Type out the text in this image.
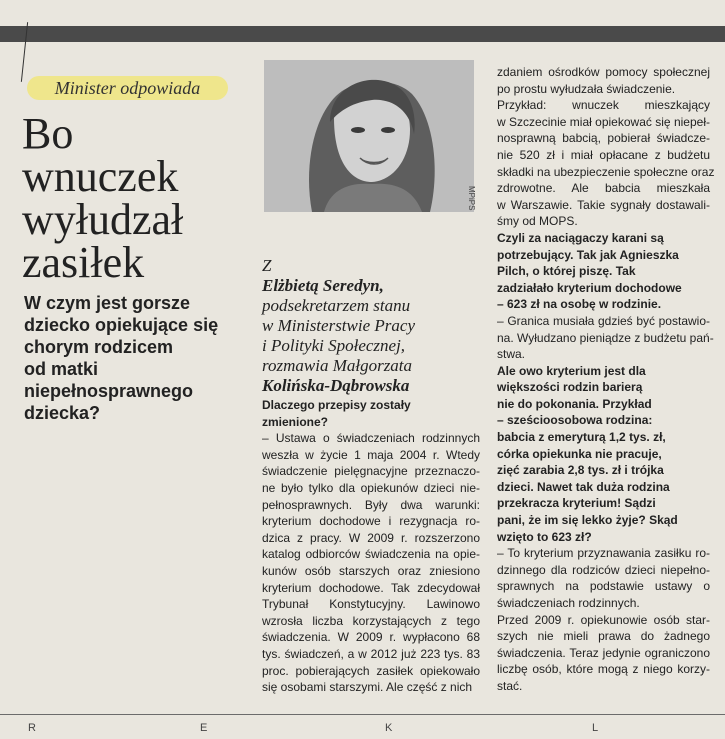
Minister odpowiada
Bo
wnuczek
wyłudzał
zasiłek
W czym jest gorsze
dziecko opiekujące się
chorym rodzicem
od matki
niepełnosprawnego
dziecka?
MPiPS
Z
Elżbietą Seredyn,
podsekretarzem stanu
w Ministerstwie Pracy
i Polityki Społecznej,
rozmawia Małgorzata
Kolińska-Dąbrowska
Dlaczego przepisy zostały
zmienione?
– Ustawa o świadczeniach rodzinnych
weszła w życie 1 maja 2004 r. Wtedy
świadczenie pielęgnacyjne przeznaczo-
ne było tylko dla opiekunów dzieci nie-
pełnosprawnych. Były dwa warunki:
kryterium dochodowe i rezygnacja ro-
dzica z pracy. W 2009 r. rozszerzono
katalog odbiorców świadczenia na opie-
kunów osób starszych oraz zniesiono
kryterium dochodowe. Tak zdecydował
Trybunał Konstytucyjny. Lawinowo
wzrosła liczba korzystających z tego
świadczenia. W 2009 r. wypłacono 68
tys. świadczeń, a w 2012 już 223 tys. 83
proc. pobierających zasiłek opiekowało
się osobami starszymi. Ale część z nich
zdaniem ośrodków pomocy społecznej
po prostu wyłudzała świadczenie.
Przykład: wnuczek mieszkający
w Szczecinie miał opiekować się niepeł-
nosprawną babcią, pobierał świadcze-
nie 520 zł i miał opłacane z budżetu
składki na ubezpieczenie społeczne oraz
zdrowotne. Ale babcia mieszkała
w Warszawie. Takie sygnały dostawali-
śmy od MOPS.
Czyli za naciągaczy karani są
potrzebujący. Tak jak Agnieszka
Pilch, o której piszę. Tak
zadziałało kryterium dochodowe
– 623 zł na osobę w rodzinie.
– Granica musiała gdzieś być postawio-
na. Wyłudzano pieniądze z budżetu pań-
stwa.
Ale owo kryterium jest dla
większości rodzin barierą
nie do pokonania. Przykład
– sześcioosobowa rodzina:
babcia z emeryturą 1,2 tys. zł,
córka opiekunka nie pracuje,
zięć zarabia 2,8 tys. zł i trójka
dzieci. Nawet tak duża rodzina
przekracza kryterium! Sądzi
pani, że im się lekko żyje? Skąd
wzięto to 623 zł?
– To kryterium przyznawania zasiłku ro-
dzinnego dla rodziców dzieci niepełno-
sprawnych na podstawie ustawy o
świadczeniach rodzinnych.
Przed 2009 r. opiekunowie osób star-
szych nie mieli prawa do żadnego
świadczenia. Teraz jedynie ograniczono
liczbę osób, które mogą z niego korzy-
stać.
R	E	K	L
